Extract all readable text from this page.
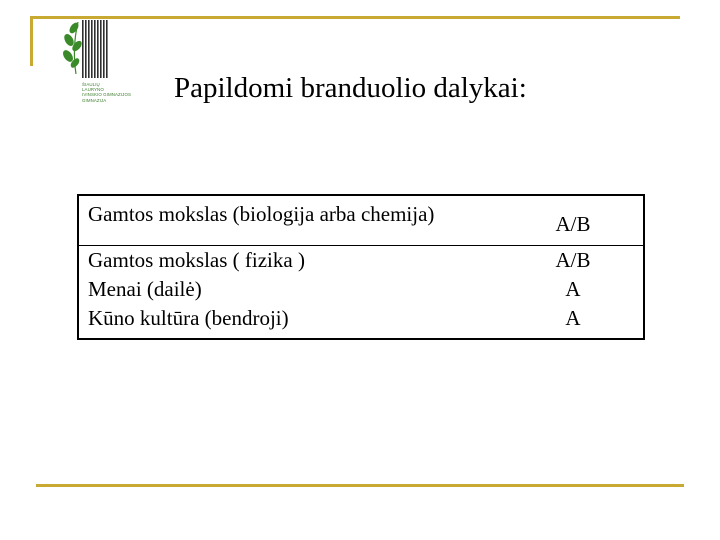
ŠIAULIŲ
LAURYNO
IVINSKIO GIMNAZIJOS
GIMNAZIJA	Papildomi branduolio dalykai:
Gamtos mokslas (biologija arba chemija)	A/B
Gamtos mokslas ( fizika )	A/B
Menai (dailė)	A
Kūno kultūra (bendroji)	A
